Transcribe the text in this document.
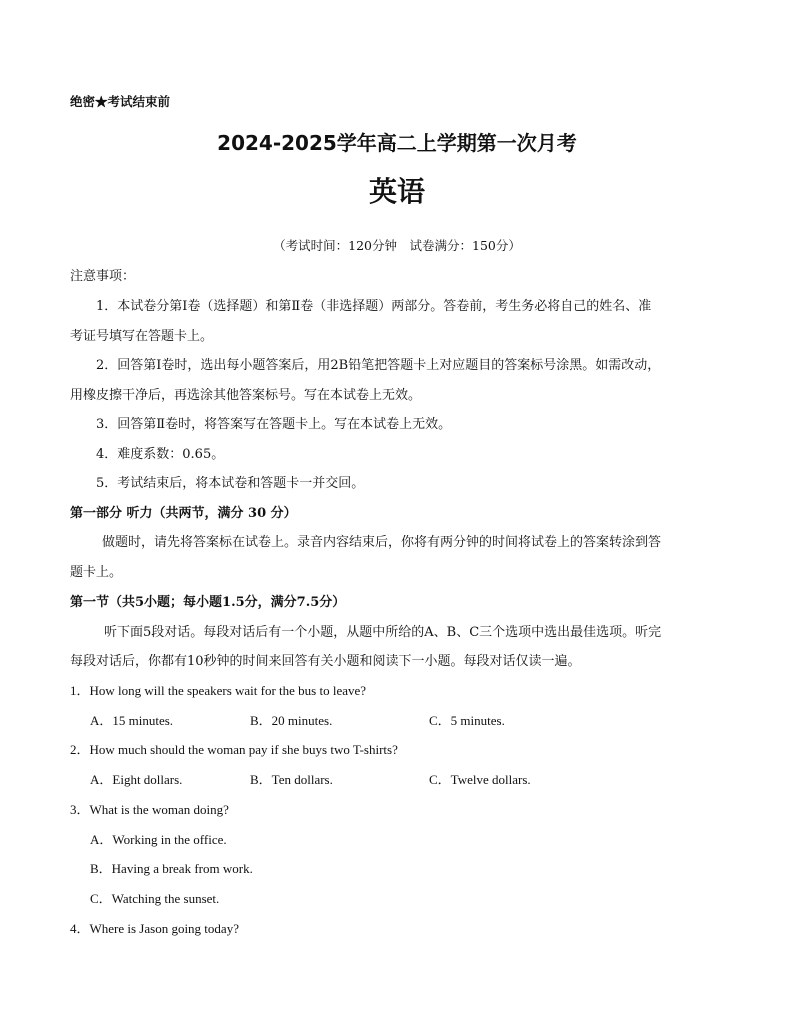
绝密★考试结束前
2024-2025学年高二上学期第一次月考
英语
（考试时间：120分钟　试卷满分：150分）
注意事项：
1．本试卷分第Ⅰ卷（选择题）和第Ⅱ卷（非选择题）两部分。答卷前，考生务必将自己的姓名、准
考证号填写在答题卡上。
2．回答第Ⅰ卷时，选出每小题答案后，用2B铅笔把答题卡上对应题目的答案标号涂黑。如需改动，
用橡皮擦干净后，再选涂其他答案标号。写在本试卷上无效。
3．回答第Ⅱ卷时，将答案写在答题卡上。写在本试卷上无效。
4．难度系数：0.65。
5．考试结束后，将本试卷和答题卡一并交回。
第一部分 听力（共两节，满分 30 分）
做题时，请先将答案标在试卷上。录音内容结束后，你将有两分钟的时间将试卷上的答案转涂到答
题卡上。
第一节（共5小题；每小题1.5分，满分7.5分）
听下面5段对话。每段对话后有一个小题，从题中所给的A、B、C三个选项中选出最佳选项。听完
每段对话后，你都有10秒钟的时间来回答有关小题和阅读下一小题。每段对话仅读一遍。
1．How long will the speakers wait for the bus to leave?
A．15 minutes.	B．20 minutes.	C．5 minutes.
2．How much should the woman pay if she buys two T-shirts?
A．Eight dollars.	B．Ten dollars.	C．Twelve dollars.
3．What is the woman doing?
A．Working in the office.
B．Having a break from work.
C．Watching the sunset.
4．Where is Jason going today?
